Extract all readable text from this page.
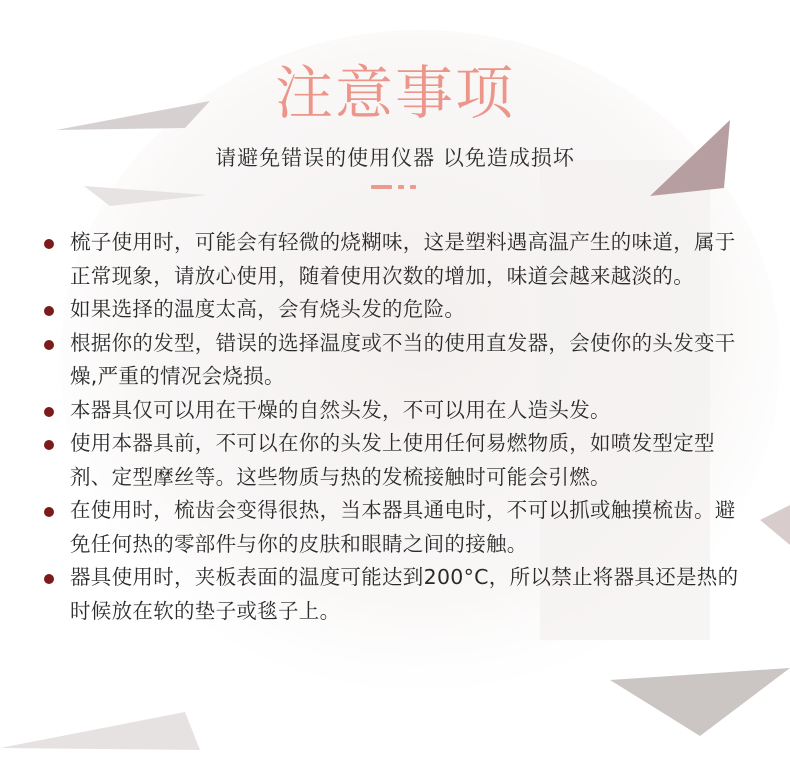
注意事项

请避免错误的使用仪器 以免造成损坏

梳子使用时，可能会有轻微的烧糊味，这是塑料遇高温产生的味道，属于正常现象，请放心使用，随着使用次数的增加，味道会越来越淡的。
如果选择的温度太高，会有烧头发的危险。
根据你的发型，错误的选择温度或不当的使用直发器，会使你的头发变干燥,严重的情况会烧损。
本器具仅可以用在干燥的自然头发，不可以用在人造头发。
使用本器具前，不可以在你的头发上使用任何易燃物质，如喷发型定型剂、定型摩丝等。这些物质与热的发梳接触时可能会引燃。
在使用时，梳齿会变得很热，当本器具通电时，不可以抓或触摸梳齿。避免任何热的零部件与你的皮肤和眼睛之间的接触。
器具使用时，夹板表面的温度可能达到200°C，所以禁止将器具还是热的时候放在软的垫子或毯子上。
